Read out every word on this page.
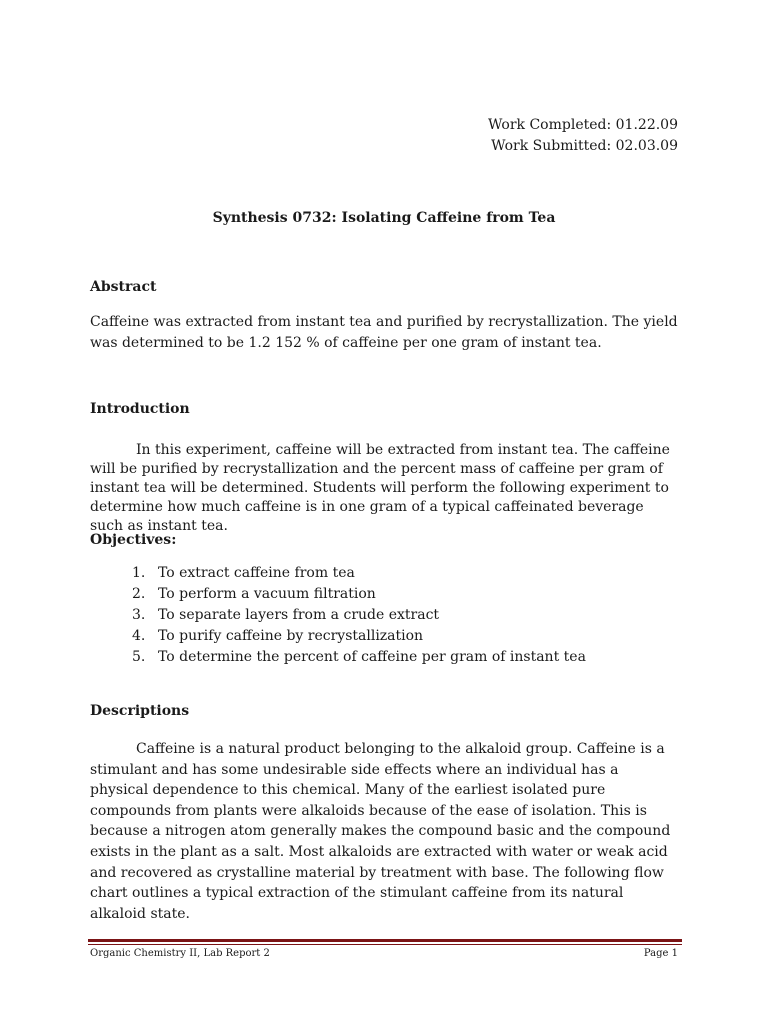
Work Completed: 01.22.09
Work Submitted: 02.03.09
Synthesis 0732: Isolating Caffeine from Tea
Abstract

Caffeine was extracted from instant tea and purified by recrystallization. The yield was determined to be 1.2 152 % of caffeine per one gram of instant tea.

Introduction

In this experiment, caffeine will be extracted from instant tea. The caffeine will be purified by recrystallization and the percent mass of caffeine per gram of instant tea will be determined. Students will perform the following experiment to determine how much caffeine is in one gram of a typical caffeinated beverage such as instant tea.

Objectives:
1. To extract caffeine from tea
2. To perform a vacuum filtration
3. To separate layers from a crude extract
4. To purify caffeine by recrystallization
5. To determine the percent of caffeine per gram of instant tea
Descriptions

Caffeine is a natural product belonging to the alkaloid group. Caffeine is a stimulant and has some undesirable side effects where an individual has a physical dependence to this chemical. Many of the earliest isolated pure compounds from plants were alkaloids because of the ease of isolation. This is because a nitrogen atom generally makes the compound basic and the compound exists in the plant as a salt. Most alkaloids are extracted with water or weak acid and recovered as crystalline material by treatment with base. The following flow chart outlines a typical extraction of the stimulant caffeine from its natural alkaloid state.

Organic Chemistry II, Lab Report 2	Page 1
